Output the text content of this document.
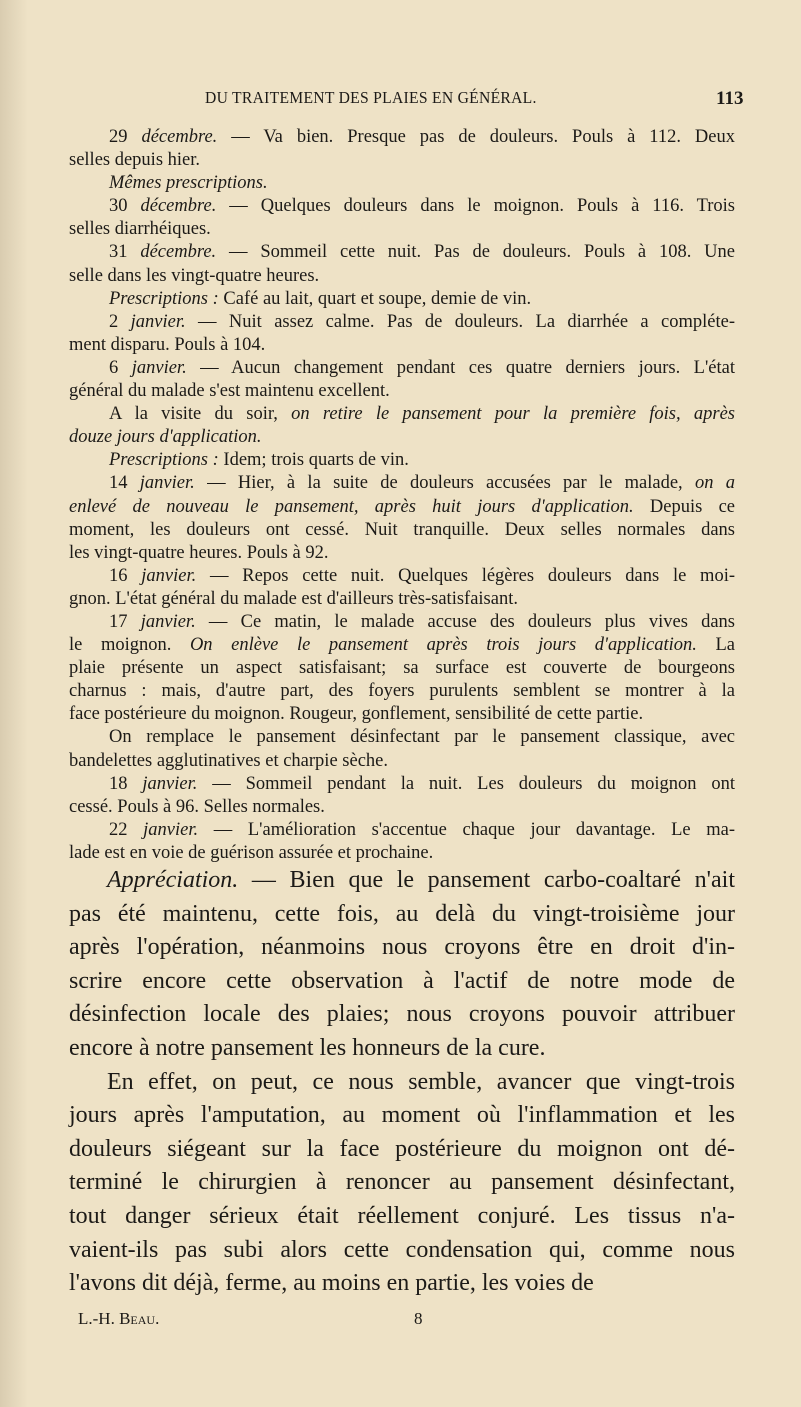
DU TRAITEMENT DES PLAIES EN GÉNÉRAL.	113
29 décembre. — Va bien. Presque pas de douleurs. Pouls à 112. Deux
selles depuis hier.
Mêmes prescriptions.
30 décembre. — Quelques douleurs dans le moignon. Pouls à 116. Trois
selles diarrhéiques.
31 décembre. — Sommeil cette nuit. Pas de douleurs. Pouls à 108. Une
selle dans les vingt-quatre heures.
Prescriptions : Café au lait, quart et soupe, demie de vin.
2 janvier. — Nuit assez calme. Pas de douleurs. La diarrhée a compléte-
ment disparu. Pouls à 104.
6 janvier. — Aucun changement pendant ces quatre derniers jours. L'état
général du malade s'est maintenu excellent.
A la visite du soir, on retire le pansement pour la première fois, après
douze jours d'application.
Prescriptions : Idem; trois quarts de vin.
14 janvier. — Hier, à la suite de douleurs accusées par le malade, on a
enlevé de nouveau le pansement, après huit jours d'application. Depuis ce
moment, les douleurs ont cessé. Nuit tranquille. Deux selles normales dans
les vingt-quatre heures. Pouls à 92.
16 janvier. — Repos cette nuit. Quelques légères douleurs dans le moi-
gnon. L'état général du malade est d'ailleurs très-satisfaisant.
17 janvier. — Ce matin, le malade accuse des douleurs plus vives dans
le moignon. On enlève le pansement après trois jours d'application. La
plaie présente un aspect satisfaisant; sa surface est couverte de bourgeons
charnus : mais, d'autre part, des foyers purulents semblent se montrer à la
face postérieure du moignon. Rougeur, gonflement, sensibilité de cette partie.
On remplace le pansement désinfectant par le pansement classique, avec
bandelettes agglutinatives et charpie sèche.
18 janvier. — Sommeil pendant la nuit. Les douleurs du moignon ont
cessé. Pouls à 96. Selles normales.
22 janvier. — L'amélioration s'accentue chaque jour davantage. Le ma-
lade est en voie de guérison assurée et prochaine.
Appréciation. — Bien que le pansement carbo-coaltaré n'ait
pas été maintenu, cette fois, au delà du vingt-troisième jour
après l'opération, néanmoins nous croyons être en droit d'in-
scrire encore cette observation à l'actif de notre mode de
désinfection locale des plaies; nous croyons pouvoir attribuer
encore à notre pansement les honneurs de la cure.
En effet, on peut, ce nous semble, avancer que vingt-trois
jours après l'amputation, au moment où l'inflammation et les
douleurs siégeant sur la face postérieure du moignon ont dé-
terminé le chirurgien à renoncer au pansement désinfectant,
tout danger sérieux était réellement conjuré. Les tissus n'a-
vaient-ils pas subi alors cette condensation qui, comme nous
l'avons dit déjà, ferme, au moins en partie, les voies de
L.-H. Beau.	8
